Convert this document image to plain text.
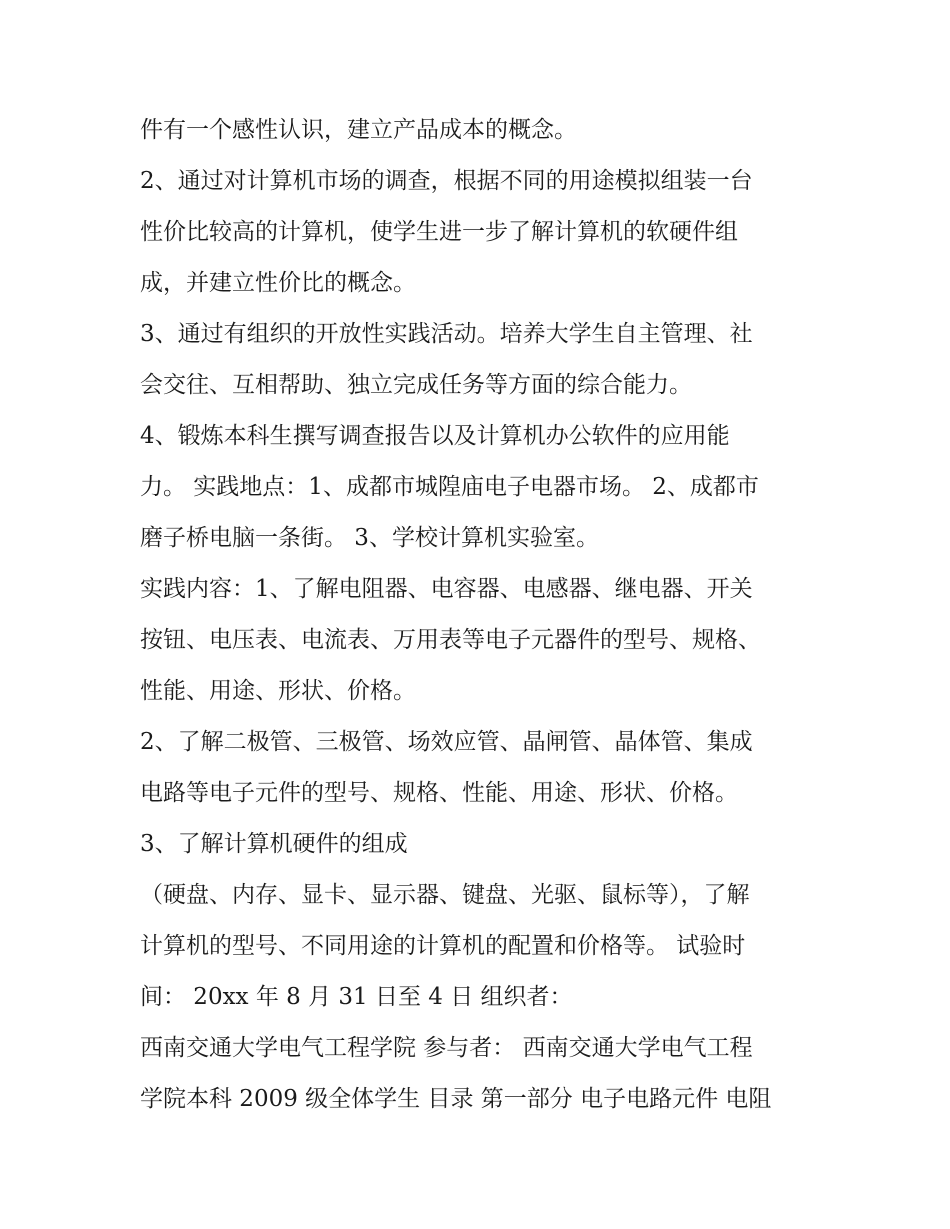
件有一个感性认识，建立产品成本的概念。
2、通过对计算机市场的调查，根据不同的用途模拟组装一台
性价比较高的计算机，使学生进一步了解计算机的软硬件组
成，并建立性价比的概念。
3、通过有组织的开放性实践活动。培养大学生自主管理、社
会交往、互相帮助、独立完成任务等方面的综合能力。
4、锻炼本科生撰写调查报告以及计算机办公软件的应用能
力。 实践地点：1、成都市城隍庙电子电器市场。 2、成都市
磨子桥电脑一条街。 3、学校计算机实验室。
实践内容：1、了解电阻器、电容器、电感器、继电器、开关
按钮、电压表、电流表、万用表等电子元器件的型号、规格、
性能、用途、形状、价格。
2、了解二极管、三极管、场效应管、晶闸管、晶体管、集成
电路等电子元件的型号、规格、性能、用途、形状、价格。
3、了解计算机硬件的组成
（硬盘、内存、显卡、显示器、键盘、光驱、鼠标等），了解
计算机的型号、不同用途的计算机的配置和价格等。 试验时
间： 20xx 年 8 月 31 日至 4 日 组织者：
西南交通大学电气工程学院 参与者： 西南交通大学电气工程
学院本科 2009 级全体学生 目录 第一部分 电子电路元件 电阻
